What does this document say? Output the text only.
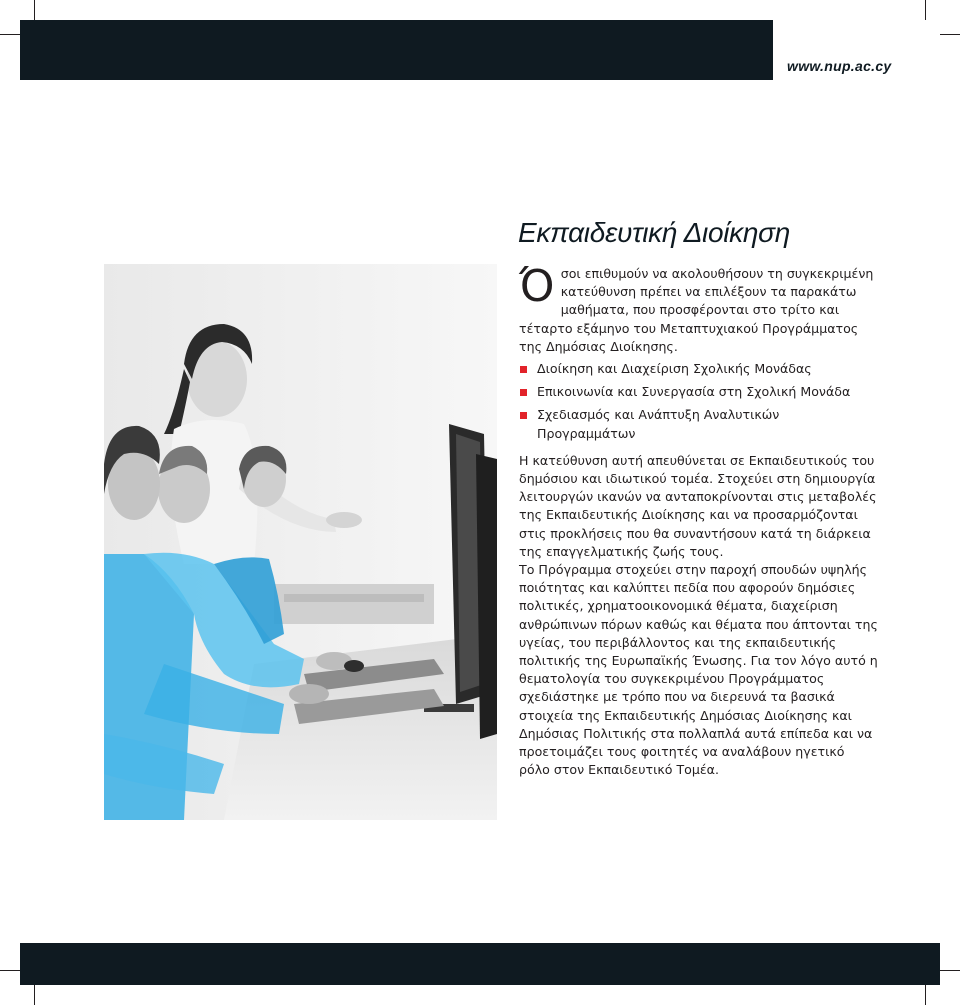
www.nup.ac.cy
Εκπαιδευτική Διοίκηση
Ό σοι επιθυμούν να ακολουθήσουν τη συγκεκριμένη κατεύθυνση πρέπει να επιλέξουν τα παρακάτω μαθήματα, που προσφέρονται στο τρίτο και τέταρτο εξάμηνο του Μεταπτυχιακού Προγράμματος της Δημόσιας Διοίκησης.

Διοίκηση και Διαχείριση Σχολικής Μονάδας
Επικοινωνία και Συνεργασία στη Σχολική Μονάδα
Σχεδιασμός και Ανάπτυξη Αναλυτικών Προγραμμάτων

Η κατεύθυνση αυτή απευθύνεται σε Εκπαιδευτικούς του δημόσιου και ιδιωτικού τομέα. Στοχεύει στη δημιουργία λειτουργών ικανών να ανταποκρίνονται στις μεταβολές της Εκπαιδευτικής Διοίκησης και να προσαρμόζονται στις προκλήσεις που θα συναντήσουν κατά τη διάρκεια της επαγγελματικής ζωής τους.

Το Πρόγραμμα στοχεύει στην παροχή σπουδών υψηλής ποιότητας και καλύπτει πεδία που αφορούν δημόσιες πολιτικές, χρηματοοικονομικά θέματα, διαχείριση ανθρώπινων πόρων καθώς και θέματα που άπτονται της υγείας, του περιβάλλοντος και της εκπαιδευτικής πολιτικής της Ευρωπαϊκής Ένωσης. Για τον λόγο αυτό η θεματολογία του συγκεκριμένου Προγράμματος σχεδιάστηκε με τρόπο που να διερευνά τα βασικά στοιχεία της Εκπαιδευτικής Δημόσιας Διοίκησης και Δημόσιας Πολιτικής στα πολλαπλά αυτά επίπεδα και να προετοιμάζει τους φοιτητές να αναλάβουν ηγετικό ρόλο στον Εκπαιδευτικό Τομέα.
